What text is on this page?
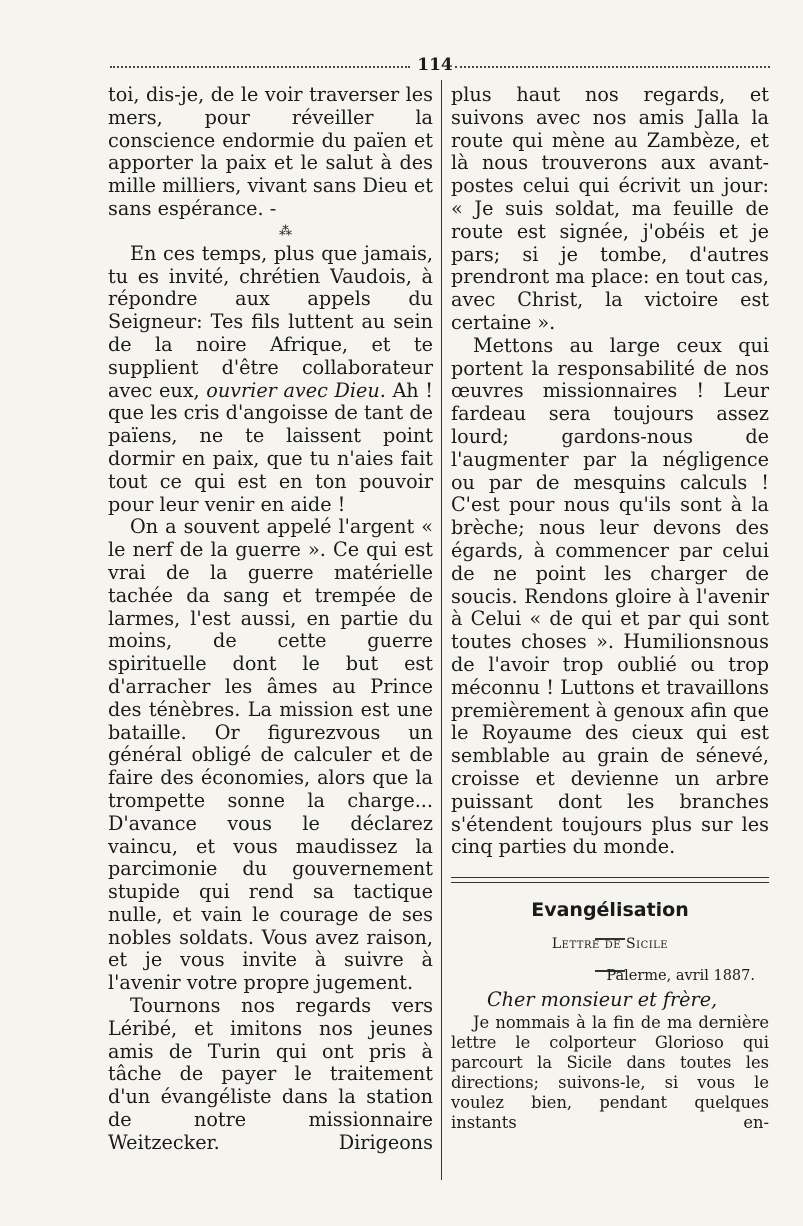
114

toi, dis-je, de le voir traverser les mers, pour réveiller la conscience endormie du païen et apporter la paix et le salut à des mille milliers, vivant sans Dieu et sans espérance. -

⁂

En ces temps, plus que jamais, tu es invité, chrétien Vaudois, à répondre aux appels du Seigneur: Tes fils luttent au sein de la noire Afrique, et te supplient d'être collaborateur avec eux, ouvrier avec Dieu. Ah ! que les cris d'angoisse de tant de païens, ne te laissent point dormir en paix, que tu n'aies fait tout ce qui est en ton pouvoir pour leur venir en aide !

On a souvent appelé l'argent « le nerf de la guerre ». Ce qui est vrai de la guerre matérielle tachée da sang et trempée de larmes, l'est aussi, en partie du moins, de cette guerre spirituelle dont le but est d'arracher les âmes au Prince des ténèbres. La mission est une bataille. Or figurezvous un général obligé de calculer et de faire des économies, alors que la trompette sonne la charge... D'avance vous le déclarez vaincu, et vous maudissez la parcimonie du gouvernement stupide qui rend sa tactique nulle, et vain le courage de ses nobles soldats. Vous avez raison, et je vous invite à suivre à l'avenir votre propre jugement.

Tournons nos regards vers Léribé, et imitons nos jeunes amis de Turin qui ont pris à tâche de payer le traitement d'un évangéliste dans la station de notre missionnaire Weitzecker. Dirigeons

plus haut nos regards, et suivons avec nos amis Jalla la route qui mène au Zambèze, et là nous trouverons aux avant-postes celui qui écrivit un jour: « Je suis soldat, ma feuille de route est signée, j'obéis et je pars; si je tombe, d'autres prendront ma place: en tout cas, avec Christ, la victoire est certaine ».

Mettons au large ceux qui portent la responsabilité de nos œuvres missionnaires ! Leur fardeau sera toujours assez lourd; gardons-nous de l'augmenter par la négligence ou par de mesquins calculs ! C'est pour nous qu'ils sont à la brèche; nous leur devons des égards, à commencer par celui de ne point les charger de soucis. Rendons gloire à l'avenir à Celui « de qui et par qui sont toutes choses ». Humilionsnous de l'avoir trop oublié ou trop méconnu ! Luttons et travaillons premièrement à genoux afin que le Royaume des cieux qui est semblable au grain de sénevé, croisse et devienne un arbre puissant dont les branches s'étendent toujours plus sur les cinq parties du monde.

Evangélisation
Lettre de Sicile
Palerme, avril 1887.
Cher monsieur et frère,

Je nommais à la fin de ma dernière lettre le colporteur Glorioso qui parcourt la Sicile dans toutes les directions; suivons-le, si vous le voulez bien, pendant quelques instants en-
